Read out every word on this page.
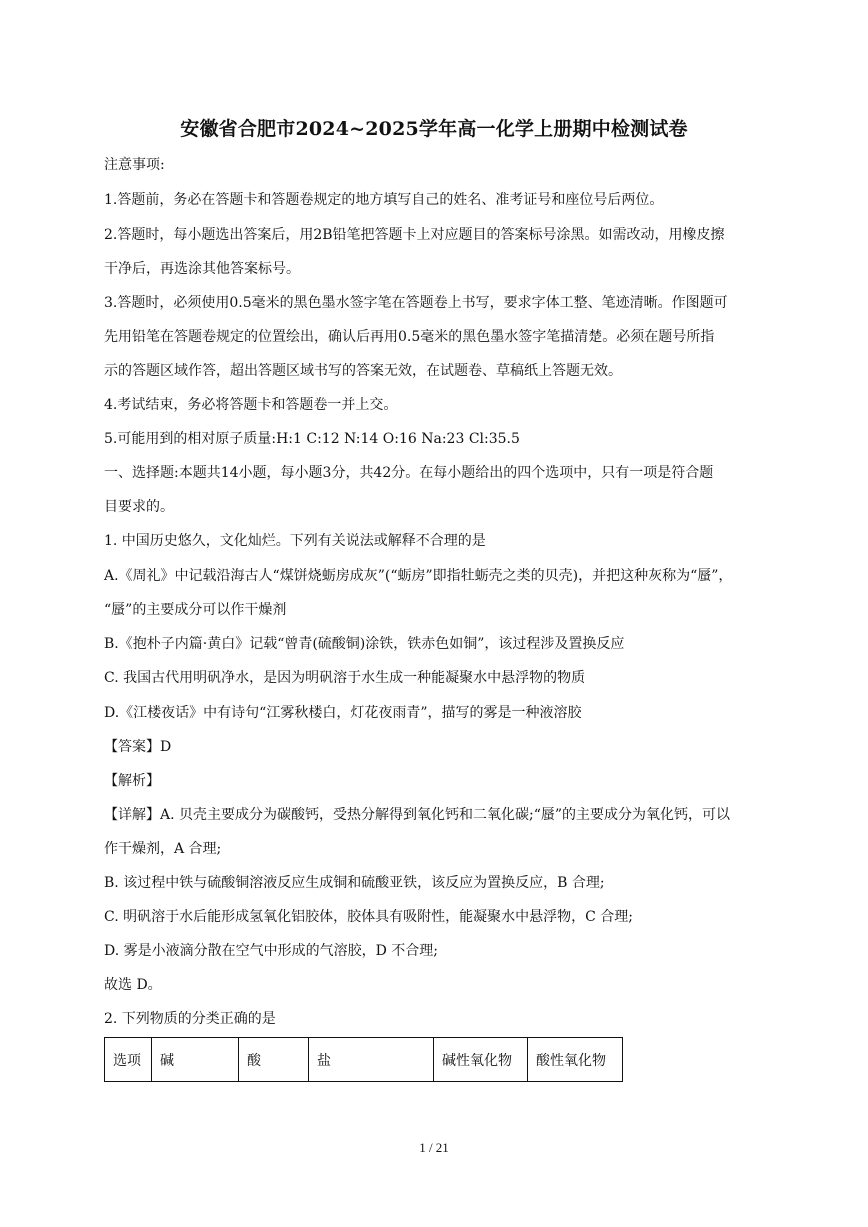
安徽省合肥市2024~2025学年高一化学上册期中检测试卷
注意事项:
1.答题前，务必在答题卡和答题卷规定的地方填写自己的姓名、准考证号和座位号后两位。
2.答题时，每小题选出答案后，用2B铅笔把答题卡上对应题目的答案标号涂黑。如需改动，用橡皮擦
干净后，再选涂其他答案标号。
3.答题时，必须使用0.5毫米的黑色墨水签字笔在答题卷上书写，要求字体工整、笔迹清晰。作图题可
先用铅笔在答题卷规定的位置绘出，确认后再用0.5毫米的黑色墨水签字笔描清楚。必须在题号所指
示的答题区域作答，超出答题区域书写的答案无效，在试题卷、草稿纸上答题无效。
4.考试结束，务必将答题卡和答题卷一并上交。
5.可能用到的相对原子质量:H:1 C:12 N:14 O:16 Na:23 Cl:35.5
一、选择题:本题共14小题，每小题3分，共42分。在每小题给出的四个选项中，只有一项是符合题
目要求的。
1. 中国历史悠久，文化灿烂。下列有关说法或解释不合理的是
A.《周礼》中记载沿海古人“煤饼烧蛎房成灰”(“蛎房”即指牡蛎壳之类的贝壳)，并把这种灰称为“蜃”，
“蜃”的主要成分可以作干燥剂
B.《抱朴子内篇·黄白》记载“曾青(硫酸铜)涂铁，铁赤色如铜”，该过程涉及置换反应
C. 我国古代用明矾净水，是因为明矾溶于水生成一种能凝聚水中悬浮物的物质
D.《江楼夜话》中有诗句“江雾秋楼白，灯花夜雨青”，描写的雾是一种液溶胶
【答案】D
【解析】
【详解】A. 贝壳主要成分为碳酸钙，受热分解得到氧化钙和二氧化碳;“蜃”的主要成分为氧化钙，可以
作干燥剂，A 合理;
B. 该过程中铁与硫酸铜溶液反应生成铜和硫酸亚铁，该反应为置换反应，B 合理;
C. 明矾溶于水后能形成氢氧化铝胶体，胶体具有吸附性，能凝聚水中悬浮物，C 合理;
D. 雾是小液滴分散在空气中形成的气溶胶，D 不合理;
故选 D。
2. 下列物质的分类正确的是
选项	碱	酸	盐	碱性氧化物	酸性氧化物
1 / 21
